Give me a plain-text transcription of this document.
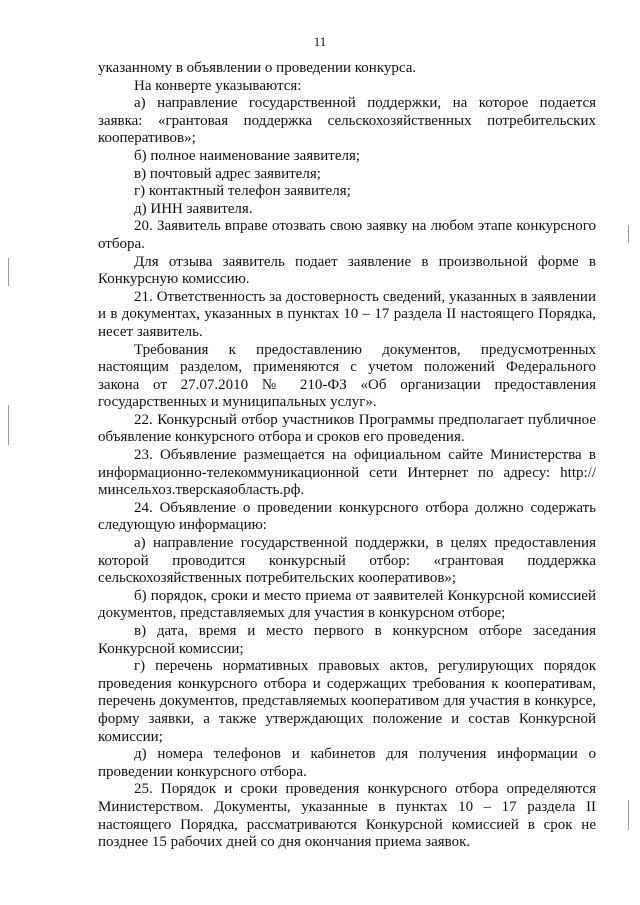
11

указанному в объявлении о проведении конкурса.

На конверте указываются:

а) направление государственной поддержки, на которое подается заявка: «грантовая поддержка сельскохозяйственных потребительских кооперативов»;

б) полное наименование заявителя;

в) почтовый адрес заявителя;

г) контактный телефон заявителя;

д) ИНН заявителя.

20. Заявитель вправе отозвать свою заявку на любом этапе конкурсного отбора.

Для отзыва заявитель подает заявление в произвольной форме в Конкурсную комиссию.

21. Ответственность за достоверность сведений, указанных в заявлении и в документах, указанных в пунктах 10 – 17 раздела II настоящего Порядка, несет заявитель.

Требования к предоставлению документов, предусмотренных настоящим разделом, применяются с учетом положений Федерального закона от 27.07.2010 № 210-ФЗ «Об организации предоставления государственных и муниципальных услуг».

22. Конкурсный отбор участников Программы предполагает публичное объявление конкурсного отбора и сроков его проведения.

23. Объявление размещается на официальном сайте Министерства в информационно-телекоммуникационной сети Интернет по адресу: http://минсельхоз.тверскаяобласть.рф.

24. Объявление о проведении конкурсного отбора должно содержать следующую информацию:

а) направление государственной поддержки, в целях предоставления которой проводится конкурсный отбор: «грантовая поддержка сельскохозяйственных потребительских кооперативов»;

б) порядок, сроки и место приема от заявителей Конкурсной комиссией документов, представляемых для участия в конкурсном отборе;

в) дата, время и место первого в конкурсном отборе заседания Конкурсной комиссии;

г) перечень нормативных правовых актов, регулирующих порядок проведения конкурсного отбора и содержащих требования к кооперативам, перечень документов, представляемых кооперативом для участия в конкурсе, форму заявки, а также утверждающих положение и состав Конкурсной комиссии;

д) номера телефонов и кабинетов для получения информации о проведении конкурсного отбора.

25. Порядок и сроки проведения конкурсного отбора определяются Министерством. Документы, указанные в пунктах 10 – 17 раздела II настоящего Порядка, рассматриваются Конкурсной комиссией в срок не позднее 15 рабочих дней со дня окончания приема заявок.
